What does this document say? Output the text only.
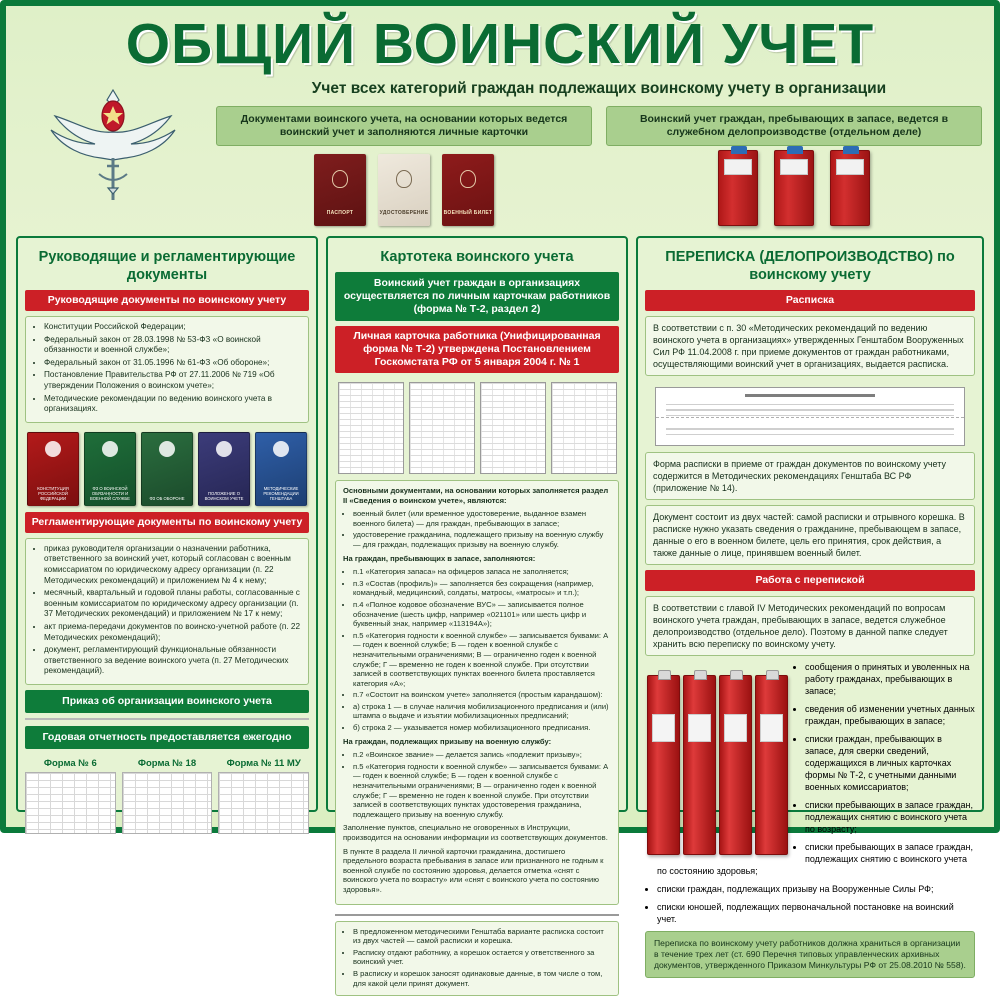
ОБЩИЙ ВОИНСКИЙ УЧЕТ
Учет всех категорий граждан подлежащих воинскому учету в организации
Документами воинского учета, на основании которых ведется воинский учет и заполняются личные карточки
ПАСПОРТ	УДОСТОВЕРЕНИЕ	ВОЕННЫЙ БИЛЕТ
Воинский учет граждан, пребывающих в запасе, ведется в служебном делопроизводстве (отдельном деле)
Руководящие и регламентирующие документы
Руководящие документы по воинскому учету
• Конституции Российской Федерации;
• Федеральный закон от 28.03.1998 № 53-ФЗ «О воинской обязанности и военной службе»;
• Федеральный закон от 31.05.1996 № 61-ФЗ «Об обороне»;
• Постановление Правительства РФ от 27.11.2006 № 719 «Об утверждении Положения о воинском учете»;
• Методические рекомендации по ведению воинского учета в организациях.
КОНСТИТУЦИЯ РОССИЙСКОЙ ФЕДЕРАЦИИ
ФЗ О ВОИНСКОЙ ОБЯЗАННОСТИ И ВОЕННОЙ СЛУЖБЕ	ФЗ ОБ ОБОРОНЕ
ПОЛОЖЕНИЕ О ВОИНСКОМ УЧЕТЕ
МЕТОДИЧЕСКИЕ РЕКОМЕНДАЦИИ ГЕНШТАБА
Регламентирующие документы по воинскому учету
• приказ руководителя организации о назначении работника, ответственного за воинский учет, который согласован с военным комиссариатом по юридическому адресу организации (п. 22 Методических рекомендаций) и приложением № 4 к нему;
• месячный, квартальный и годовой планы работы, согласованные с военным комиссариатом по юридическому адресу организации (п. 37 Методических рекомендаций) и приложением № 17 к нему;
• акт приема-передачи документов по воинско-учетной работе (п. 22 Методических рекомендаций);
• документ, регламентирующий функциональные обязанности ответственного за ведение воинского учета (п. 27 Методических рекомендаций).
Приказ об организации воинского учета
Годовая отчетность предоставляется ежегодно
Форма № 6	Форма № 18	Форма № 11 МУ
Картотека воинского учета
Воинский учет граждан в организациях осуществляется по личным карточкам работников (форма № Т-2, раздел 2)
Личная карточка работника (Унифицированная форма № Т-2) утверждена Постановлением Госкомстата РФ от 5 января 2004 г. № 1

Основными документами, на основании которых заполняется раздел II «Сведения о воинском учете», являются:

• военный билет (или временное удостоверение, выданное взамен военного билета) — для граждан, пребывающих в запасе;
• удостоверение гражданина, подлежащего призыву на военную службу — для граждан, подлежащих призыву на военную службу.

На граждан, пребывающих в запасе, заполняются:

• п.1 «Категория запаса» на офицеров запаса не заполняется;
• п.3 «Состав (профиль)» — заполняется без сокращения (например, командный, медицинский, солдаты, матросы, «матросы» и т.п.);
• п.4 «Полное кодовое обозначение ВУС» — записывается полное обозначение (шесть цифр, например «021101» или шесть цифр и буквенный знак, например «113194А»);
• п.5 «Категория годности к военной службе» — записывается буквами: А — годен к военной службе; Б — годен к военной службе с незначительными ограничениями; В — ограниченно годен к военной службе; Г — временно не годен к военной службе. При отсутствии записей в соответствующих пунктах военного билета проставляется категория «А»;
• п.7 «Состоит на воинском учете» заполняется (простым карандашом):
• а) строка 1 — в случае наличия мобилизационного предписания и (или) штампа о выдаче и изъятии мобилизационных предписаний;
• б) строка 2 — указывается номер мобилизационного предписания.

На граждан, подлежащих призыву на военную службу:

• п.2 «Воинское звание» — делается запись «подлежит призыву»;
• п.5 «Категория годности к военной службе» — записывается буквами: А — годен к военной службе; Б — годен к военной службе с незначительными ограничениями; В — ограниченно годен к военной службе; Г — временно не годен к военной службе. При отсутствии записей в соответствующих пунктах удостоверения гражданина, подлежащего призыву на военную службу.

Заполнение пунктов, специально не оговоренных в Инструкции, производится на основании информации из соответствующих документов.

В пункте 8 раздела II личной карточки гражданина, достигшего предельного возраста пребывания в запасе или признанного не годным к военной службе по состоянию здоровья, делается отметка «снят с воинского учета по возрасту» или «снят с воинского учета по состоянию здоровья».

• В предложенном методическими Генштаба варианте расписка состоит из двух частей — самой расписки и корешка.
• Расписку отдают работнику, а корешок остается у ответственного за воинский учет.
• В расписку и корешок заносят одинаковые данные, в том числе о том, для какой цели принят документ.
ПЕРЕПИСКА (ДЕЛОПРОИЗВОДСТВО) по воинскому учету
Расписка
В соответствии с п. 30 «Методических рекомендаций по ведению воинского учета в организациях» утвержденных Генштабом Вооруженных Сил РФ 11.04.2008 г. при приеме документов от граждан работниками, осуществляющими воинский учет в организациях, выдается расписка.
Форма расписки в приеме от граждан документов по воинскому учету содержится в Методических рекомендациях Генштаба ВС РФ (приложение № 14).
Документ состоит из двух частей: самой расписки и отрывного корешка. В расписке нужно указать сведения о гражданине, пребывающем в запасе, данные о его в военном билете, цель его принятия, срок действия, а также данные о лице, принявшем военный билет.
Работа с перепиской
В соответствии с главой IV Методических рекомендаций по вопросам воинского учета граждан, пребывающих в запасе, ведется служебное делопроизводство (отдельное дело). Поэтому в данной папке следует хранить всю переписку по воинскому учету.
• сообщения о принятых и уволенных на работу гражданах, пребывающих в запасе;
• сведения об изменении учетных данных граждан, пребывающих в запасе;
• списки граждан, пребывающих в запасе, для сверки сведений, содержащихся в личных карточках формы № Т-2, с учетными данными военных комиссариатов;
• списки пребывающих в запасе граждан, подлежащих снятию с воинского учета по возрасту;
• списки пребывающих в запасе граждан, подлежащих снятию с воинского учета по состоянию здоровья;
• списки граждан, подлежащих призыву на Вооруженные Силы РФ;
• списки юношей, подлежащих первоначальной постановке на воинский учет.
Переписка по воинскому учету работников должна храниться в организации в течение трех лет (ст. 690 Перечня типовых управленческих архивных документов, утвержденного Приказом Минкультуры РФ от 25.08.2010 № 558).
